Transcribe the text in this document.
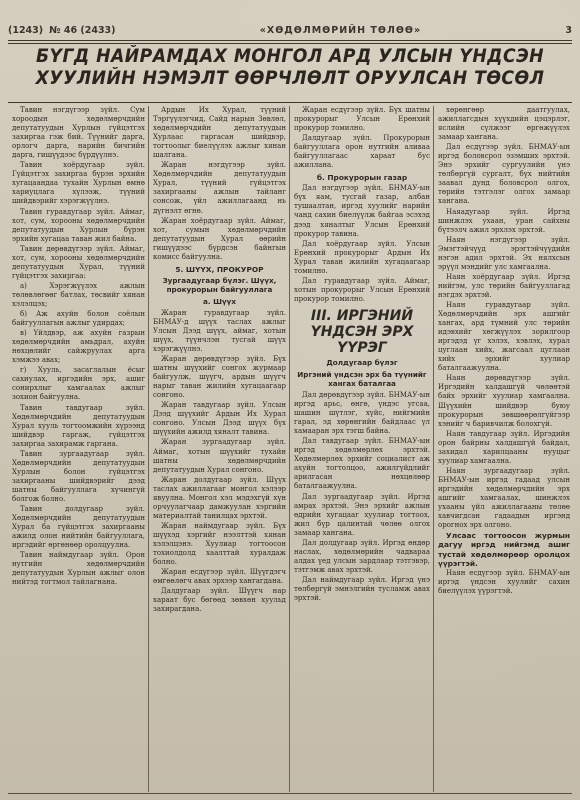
(1243) № 46 (2433)	«ХӨДӨЛМӨРИЙН ТӨЛӨӨ»	3
БҮГД НАЙРАМДАХ МОНГОЛ АРД УЛСЫН ҮНДСЭН
ХУУЛИЙН НЭМЭЛТ ӨӨРЧЛӨЛТ ОРУУЛСАН ТӨСӨЛ

Тавин нэгдүгээр зүйл. Сум хороодын хөдөлмөрчдийн депутатуудын Хурлын гүйцэтгэх захиргаа гэж бий. Түүнийг дарга, орлогч дарга, нарийн бичгийн дарга, гишүүдээс бүрдүүлнэ.

Тавин хоёрдугаар зүйл. Гүйцэтгэх захиргаа бүрэн эрхийн хугацаандаа тухайн Хурлын өмнө хариуцлага хүлээж, түүний шийдвэрийг хэрэгжүүлнэ.

Тавин гуравдугаар зүйл. Аймаг, хот, сум, хорооны хөдөлмөрчдийн депутатуудын Хурлын бүрэн эрхийн хугацаа таван жил байна.

Тавин дөрөвдүгээр зүйл. Аймаг, хот, сум, хорооны хөдөлмөрчдийн депутатуудын Хурал, түүний гүйцэтгэх захиргаа:

а) Хэрэгжүүлэх ажлын төлөвлөгөөг батлах, төсвийг хянан хэлэлцэх;

б) Аж ахуйн болон соёлын байгууллагын ажлыг удирдах;

в) Үйлдвэр, аж ахуйн газрын хөдөлмөрчдийн амьдрал, ахуйн нөхцөлийг сайжруулах арга хэмжээ авах;

г) Хууль, засаглалын ёсыг сахиулах, иргэдийн эрх, ашиг сонирхлыг хамгаалах ажлыг зохион байгуулна.

Тавин тавдугаар зүйл. Хөдөлмөрчдийн депутатуудын Хурал хууль тогтоомжийн хүрээнд шийдвэр гаргаж, гүйцэтгэх захиргаа захирамж гаргана.

Тавин зургаадугаар зүйл. Хөдөлмөрчдийн депутатуудын Хурлын болон гүйцэтгэх захиргааны шийдвэрийг дээд шатны байгууллага хүчингүй болгож болно.

Тавин долдугаар зүйл. Хөдөлмөрчдийн депутатуудын Хурал ба гүйцэтгэх захиргааны ажилд олон нийтийн байгууллага, иргэдийг өргөнөөр оролцуулна.

Тавин наймдугаар зүйл. Орон нутгийн хөдөлмөрчдийн депутатуудын Хурлын ажлыг олон нийтэд тогтмол тайлагнана.

Ардын Их Хурал, түүний Тэргүүлэгчид, Сайд нарын Зөвлөл, хөдөлмөрчдийн депутатуудын Хурлаас гаргасан шийдвэр, тогтоолыг биелүүлэх ажлыг хянан шалгана.

Жаран нэгдүгээр зүйл. Хөдөлмөрчдийн депутатуудын Хурал, түүний гүйцэтгэх захиргааны ажлын тайланг сонсож, үйл ажиллагаанд нь дүгнэлт өгнө.

Жаран хоёрдугаар зүйл. Аймаг, хот, сумын хөдөлмөрчдийн депутатуудын Хурал өөрийн гишүүдээс бүрдсэн байнгын комисс байгуулна.

5. ШҮҮХ, ПРОКУРОР
Зургаадугаар бүлэг. Шүүх, прокурорын байгууллага
а. Шүүх

Жаран гуравдугаар зүйл. БНМАУ-д шүүх таслах ажлыг Улсын Дээд шүүх, аймаг, хотын шүүх, түүнчлэн тусгай шүүх хэрэгжүүлнэ.

Жаран дөрөвдүгээр зүйл. Бүх шатны шүүхийг сонгох журмаар байгуулж, шүүгч, ардын шүүгч нарыг таван жилийн хугацаагаар сонгоно.

Жаран тавдугаар зүйл. Улсын Дээд шүүхийг Ардын Их Хурал сонгоно. Улсын Дээд шүүх бүх шүүхийн ажилд хяналт тавина.

Жаран зургаадугаар зүйл. Аймаг, хотын шүүхийг тухайн шатны хөдөлмөрчдийн депутатуудын Хурал сонгоно.

Жаран долдугаар зүйл. Шүүх таслах ажиллагааг монгол хэлээр явуулна. Монгол хэл мэдэхгүй хүн орчуулагчаар дамжуулан хэргийн материалтай танилцах эрхтэй.

Жаран наймдугаар зүйл. Бүх шүүхэд хэргийг нээлттэй хянан хэлэлцэнэ. Хуулиар тогтоосон тохиолдолд хаалттай хуралдаж болно.

Жаран есдүгээр зүйл. Шүүгдэгч өмгөөлөгч авах эрхээр хангагдана.

Далдугаар зүйл. Шүүгч нар хараат бус бөгөөд зөвхөн хуульд захирагдана.

Жаран есдүгээр зүйл. Бүх шатны прокурорыг Улсын Ерөнхий прокурор томилно.

Далдугаар зүйл. Прокурорын байгууллага орон нутгийн аливаа байгууллагаас хараат бус ажиллана.

б. Прокурорын газар

Дал нэгдүгээр зүйл. БНМАУ-ын бүх яам, тусгай газар, албан тушаалтан, иргэд хуулийг нарийн чанд сахин биелүүлж байгаа эсэхэд дээд хяналтыг Улсын Ерөнхий прокурор тавина.

Дал хоёрдугаар зүйл. Улсын Ерөнхий прокурорыг Ардын Их Хурал таван жилийн хугацаагаар томилно.

Дал гуравдугаар зүйл. Аймаг, хотын прокурорыг Улсын Ерөнхий прокурор томилно.

III. ИРГЭНИЙ ҮНДСЭН ЭРХ ҮҮРЭГ
Долдугаар бүлэг
Иргэний үндсэн эрх ба түүнийг хангах баталгаа

Дал дөрөвдүгээр зүйл. БНМАУ-ын иргэд арьс, өнгө, үндэс угсаа, шашин шүтлэг, хүйс, нийгмийн гарал, эд хөрөнгийн байдлаас үл хамааран эрх тэгш байна.

Дал тавдугаар зүйл. БНМАУ-ын иргэд хөдөлмөрлөх эрхтэй. Хөдөлмөрлөх эрхийг социалист аж ахуйн тогтолцоо, ажилгүйдлийг арилгасан нөхцөлөөр баталгаажуулна.

Дал зургаадугаар зүйл. Иргэд амрах эрхтэй. Энэ эрхийг ажлын өдрийн хугацааг хуулиар тогтоох, жил бүр цалинтай чөлөө олгох замаар хангана.

Дал долдугаар зүйл. Иргэд өндөр наслах, хөдөлмөрийн чадвараа алдах үед улсын зардлаар тэтгэвэр, тэтгэмж авах эрхтэй.

Дал наймдугаар зүйл. Иргэд үнэ төлбөргүй эмнэлгийн тусламж авах эрхтэй.

хөрөнгөөр даатгуулах, ажиллагсдын хүүхдийн цэцэрлэг, яслийн сүлжээг өргөжүүлэх замаар хангана.

Дал есдүгээр зүйл. БНМАУ-ын иргэд боловсрол эзэмших эрхтэй. Энэ эрхийг сургуулийн үнэ төлбөргүй сургалт, бүх нийтийн заавал дунд боловсрол олгох, төрийн тэтгэлэг олгох замаар хангана.

Наяадугаар зүйл. Иргэд шинжлэх ухаан, уран сайхны бүтээлч ажил эрхлэх эрхтэй.

Наян нэгдүгээр зүйл. Эмэгтэйчүүд эрэгтэйчүүдийн нэгэн адил эрхтэй. Эх нялхсын эрүүл мэндийг улс хамгаална.

Наян хоёрдугаар зүйл. Иргэд нийгэм, улс төрийн байгууллагад нэгдэх эрхтэй.

Наян гуравдугаар зүйл. Хөдөлмөрчдийн эрх ашгийг хангах, ард түмний улс төрийн идэвхийг хөгжүүлэх зорилгоор иргэдэд үг хэлэх, хэвлэх, хурал цуглаан хийх, жагсаал цуглаан хийх эрхийг хуулиар баталгаажуулна.

Наян дөрөвдүгээр зүйл. Иргэдийн халдашгүй чөлөөтэй байх эрхийг хуулиар хамгаална. Шүүхийн шийдвэр буюу прокурорын зөвшөөрөлгүйгээр хэнийг ч баривчилж болохгүй.

Наян тавдугаар зүйл. Иргэдийн орон байрны халдашгүй байдал, захидал харилцааны нууцыг хуулиар хамгаална.

Наян зургаадугаар зүйл. БНМАУ-ын иргэд гадаад улсын иргэдийн хөдөлмөрчдийн эрх ашгийг хамгаалах, шинжлэх ухааны үйл ажиллагааны төлөө хавчигдсан гадаадын иргэнд орогнох эрх олгоно.

Улсаас тогтоосон журмын дагуу иргэд нийгэмд ашиг тустай хөдөлмөрөөр оролцох үүрэгтэй.

Наян есдүгээр зүйл. БНМАУ-ын иргэд үндсэн хуулийг сахин биелүүлэх үүрэгтэй.
